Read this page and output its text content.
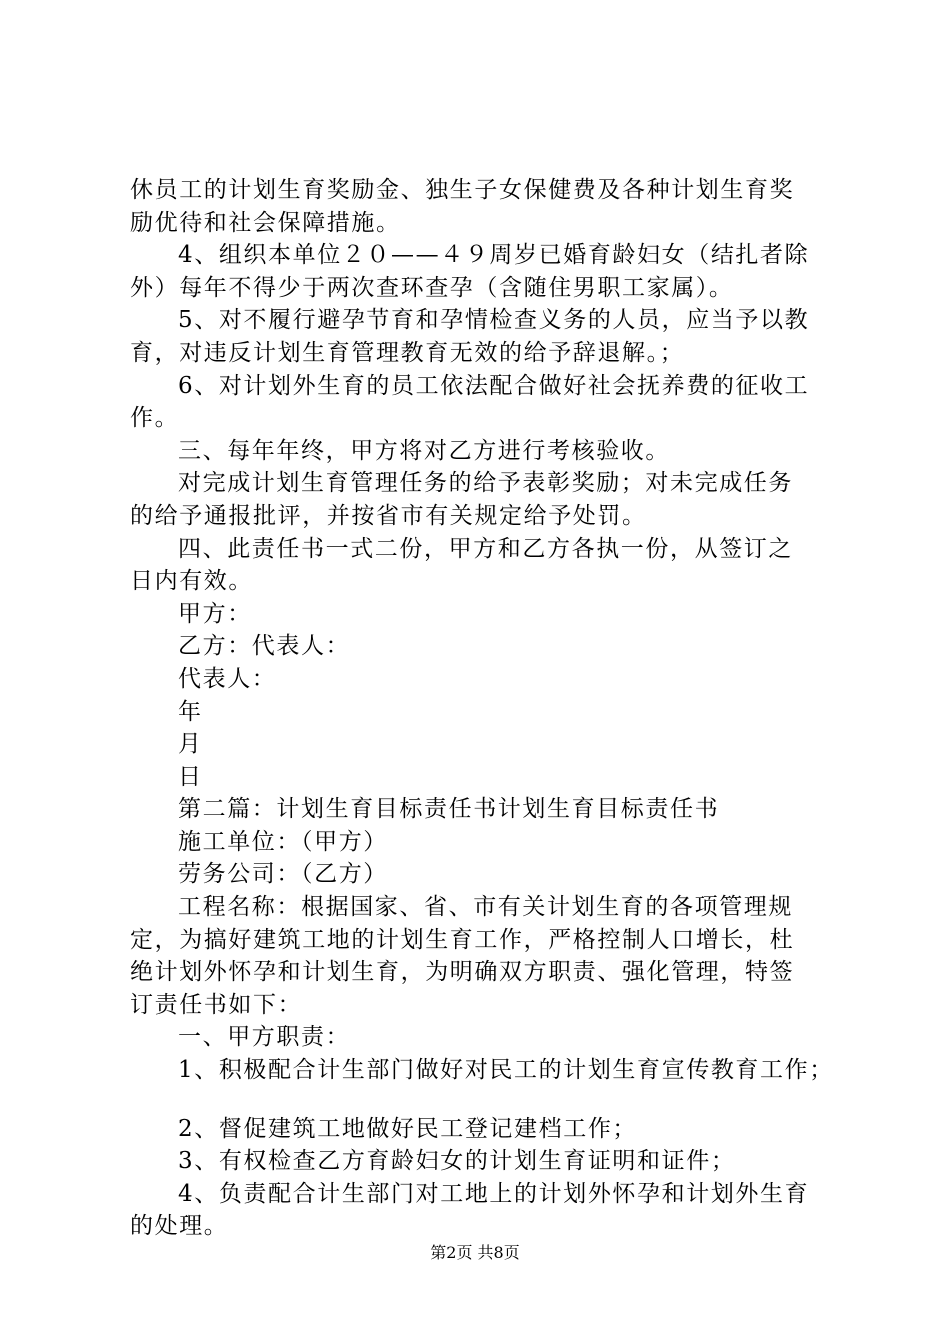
休员工的计划生育奖励金、独生子女保健费及各种计划生育奖
励优待和社会保障措施。
4、组织本单位２０——４９周岁已婚育龄妇女（结扎者除
外）每年不得少于两次查环查孕（含随住男职工家属）。
5、对不履行避孕节育和孕情检查义务的人员，应当予以教
育，对违反计划生育管理教育无效的给予辞退解。；
6、对计划外生育的员工依法配合做好社会抚养费的征收工
作。
三、每年年终，甲方将对乙方进行考核验收。
对完成计划生育管理任务的给予表彰奖励；对未完成任务
的给予通报批评，并按省市有关规定给予处罚。
四、此责任书一式二份，甲方和乙方各执一份，从签订之
日内有效。
甲方：
乙方：代表人：
代表人：
年
月
日
第二篇：计划生育目标责任书计划生育目标责任书
施工单位：（甲方）
劳务公司：（乙方）
工程名称：根据国家、省、市有关计划生育的各项管理规
定，为搞好建筑工地的计划生育工作，严格控制人口增长，杜
绝计划外怀孕和计划生育，为明确双方职责、强化管理，特签
订责任书如下：
一、甲方职责：
1、积极配合计生部门做好对民工的计划生育宣传教育工作；
2、督促建筑工地做好民工登记建档工作；
3、有权检查乙方育龄妇女的计划生育证明和证件；
4、负责配合计生部门对工地上的计划外怀孕和计划外生育
的处理。
第2页 共8页
